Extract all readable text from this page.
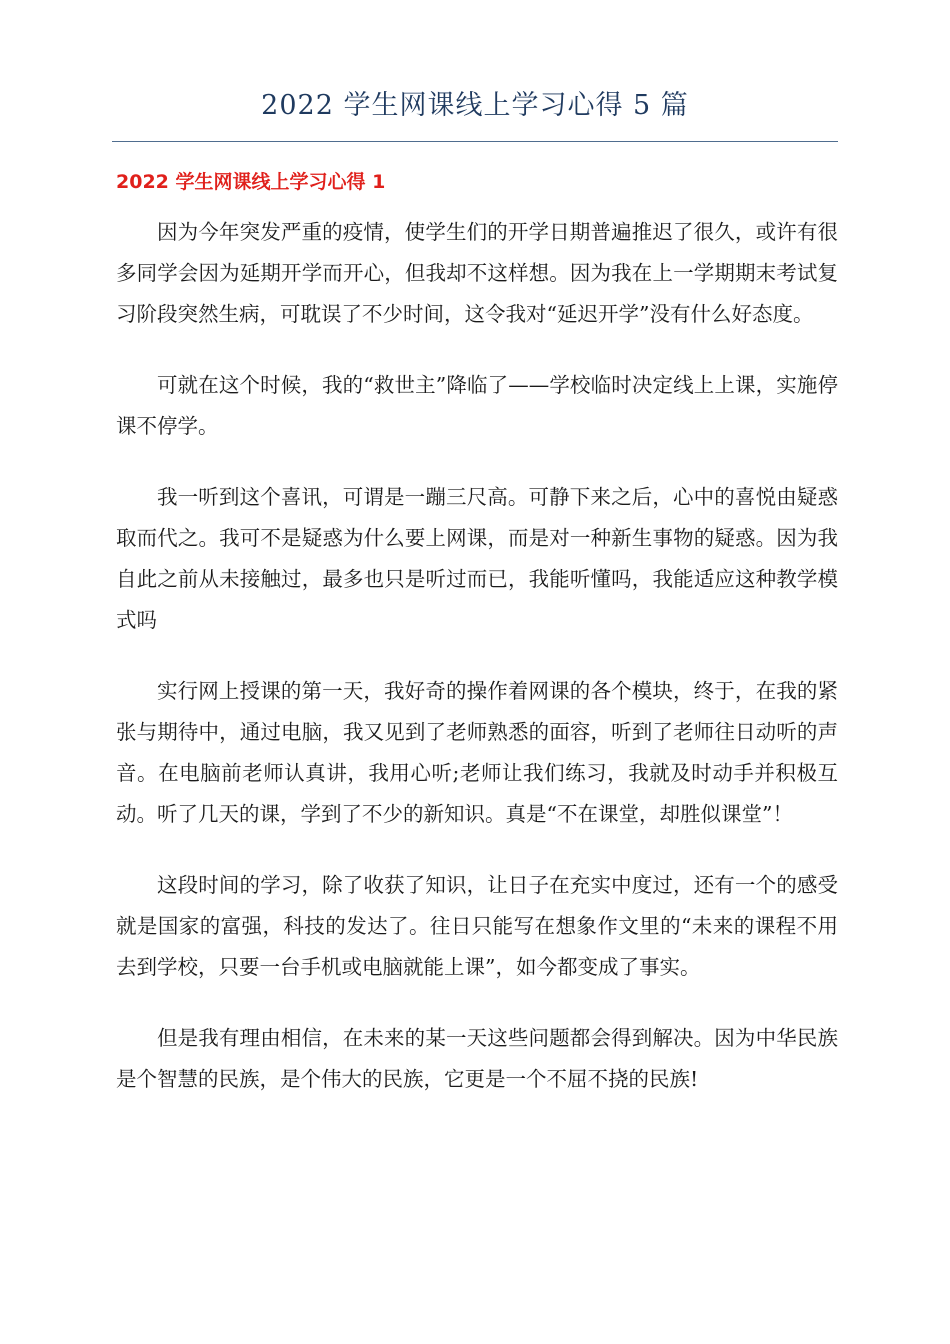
2022 学生网课线上学习心得 5 篇
2022 学生网课线上学习心得 1

因为今年突发严重的疫情，使学生们的开学日期普遍推迟了很久，或许有很多同学会因为延期开学而开心，但我却不这样想。因为我在上一学期期末考试复习阶段突然生病，可耽误了不少时间，这令我对“延迟开学”没有什么好态度。

可就在这个时候，我的“救世主”降临了——学校临时决定线上上课，实施停课不停学。

我一听到这个喜讯，可谓是一蹦三尺高。可静下来之后，心中的喜悦由疑惑取而代之。我可不是疑惑为什么要上网课，而是对一种新生事物的疑惑。因为我自此之前从未接触过，最多也只是听过而已，我能听懂吗，我能适应这种教学模式吗

实行网上授课的第一天，我好奇的操作着网课的各个模块，终于，在我的紧张与期待中，通过电脑，我又见到了老师熟悉的面容，听到了老师往日动听的声音。在电脑前老师认真讲，我用心听;老师让我们练习，我就及时动手并积极互动。听了几天的课，学到了不少的新知识。真是“不在课堂，却胜似课堂”！

这段时间的学习，除了收获了知识，让日子在充实中度过，还有一个的感受就是国家的富强，科技的发达了。往日只能写在想象作文里的“未来的课程不用去到学校，只要一台手机或电脑就能上课”，如今都变成了事实。

但是我有理由相信，在未来的某一天这些问题都会得到解决。因为中华民族是个智慧的民族，是个伟大的民族，它更是一个不屈不挠的民族!
